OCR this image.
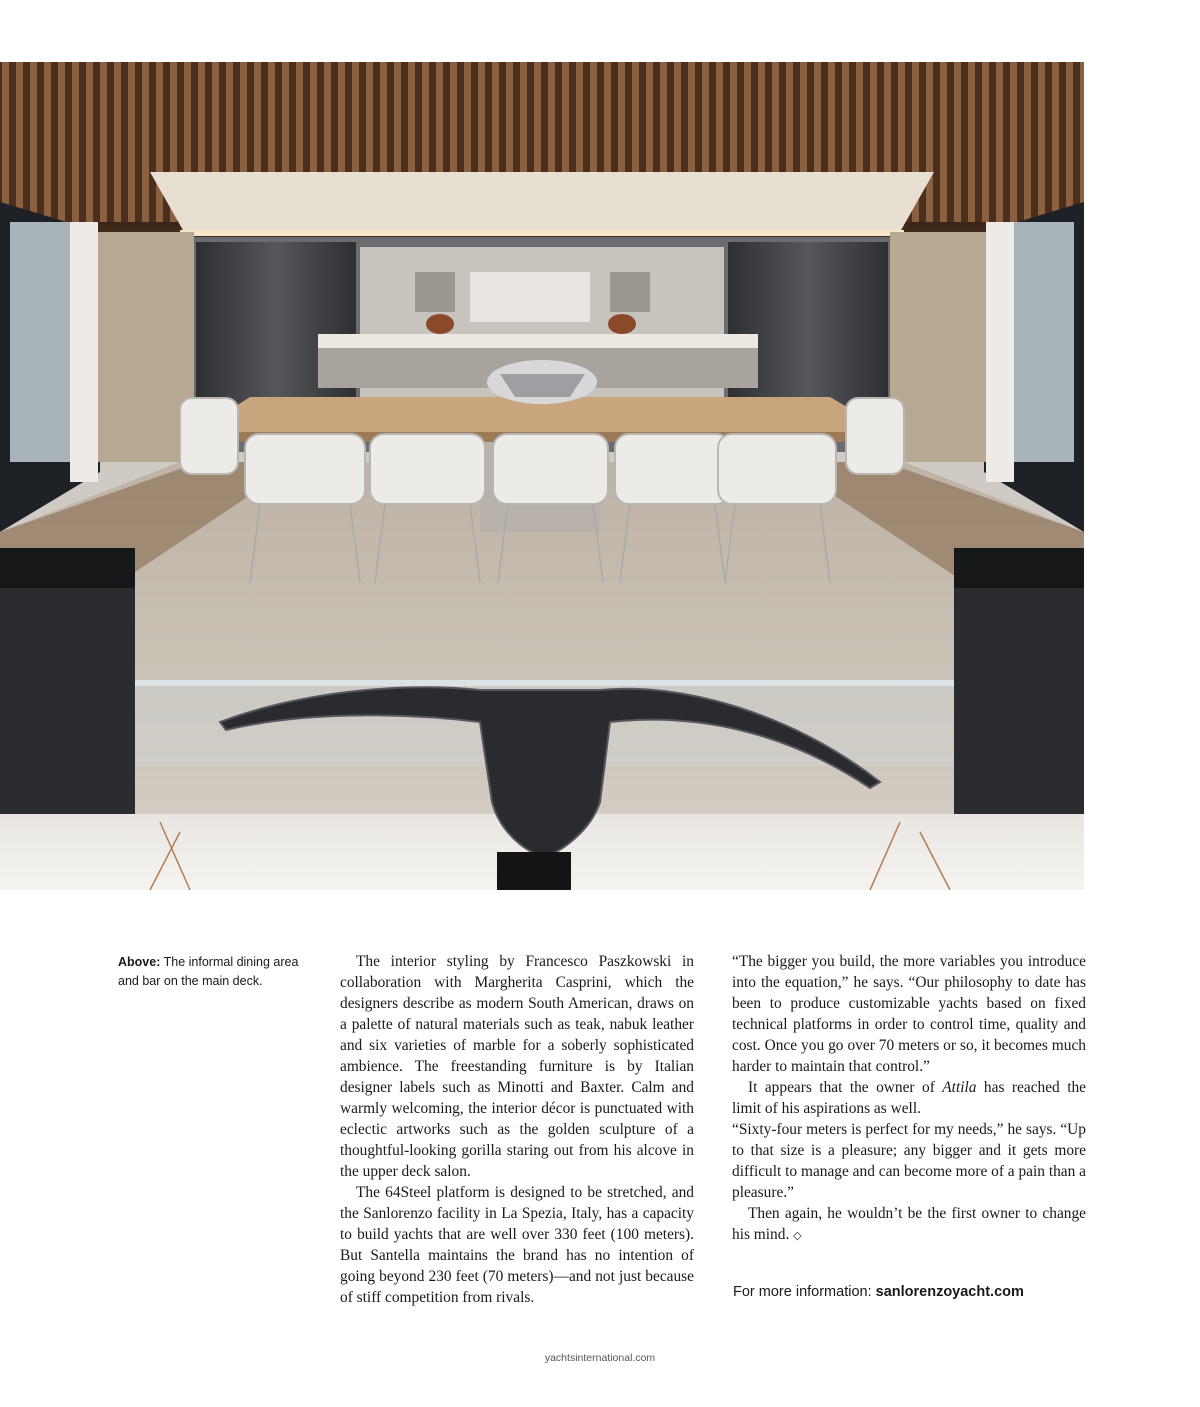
Above: The informal dining area and bar on the main deck.

The interior styling by Francesco Paszkowski in collaboration with Margherita Casprini, which the designers describe as modern South American, draws on a palette of natural materials such as teak, nabuk leather and six varieties of marble for a soberly sophisticated ambience. The freestanding furniture is by Italian designer labels such as Minotti and Baxter. Calm and warmly welcoming, the interior décor is punctuated with eclectic artworks such as the golden sculpture of a thoughtful-looking gorilla staring out from his alcove in the upper deck salon.

The 64Steel platform is designed to be stretched, and the Sanlorenzo facility in La Spezia, Italy, has a capacity to build yachts that are well over 330 feet (100 meters). But Santella maintains the brand has no intention of going beyond 230 feet (70 meters)—and not just because of stiff competition from rivals.

“The bigger you build, the more variables you introduce into the equation,” he says. “Our philosophy to date has been to produce customizable yachts based on fixed technical platforms in order to control time, quality and cost. Once you go over 70 meters or so, it becomes much harder to maintain that control.”

It appears that the owner of Attila has reached the limit of his aspirations as well.

“Sixty-four meters is perfect for my needs,” he says. “Up to that size is a pleasure; any bigger and it gets more difficult to manage and can become more of a pain than a pleasure.”

Then again, he wouldn’t be the first owner to change his mind. ◇

For more information: sanlorenzoyacht.com
yachtsinternational.com
